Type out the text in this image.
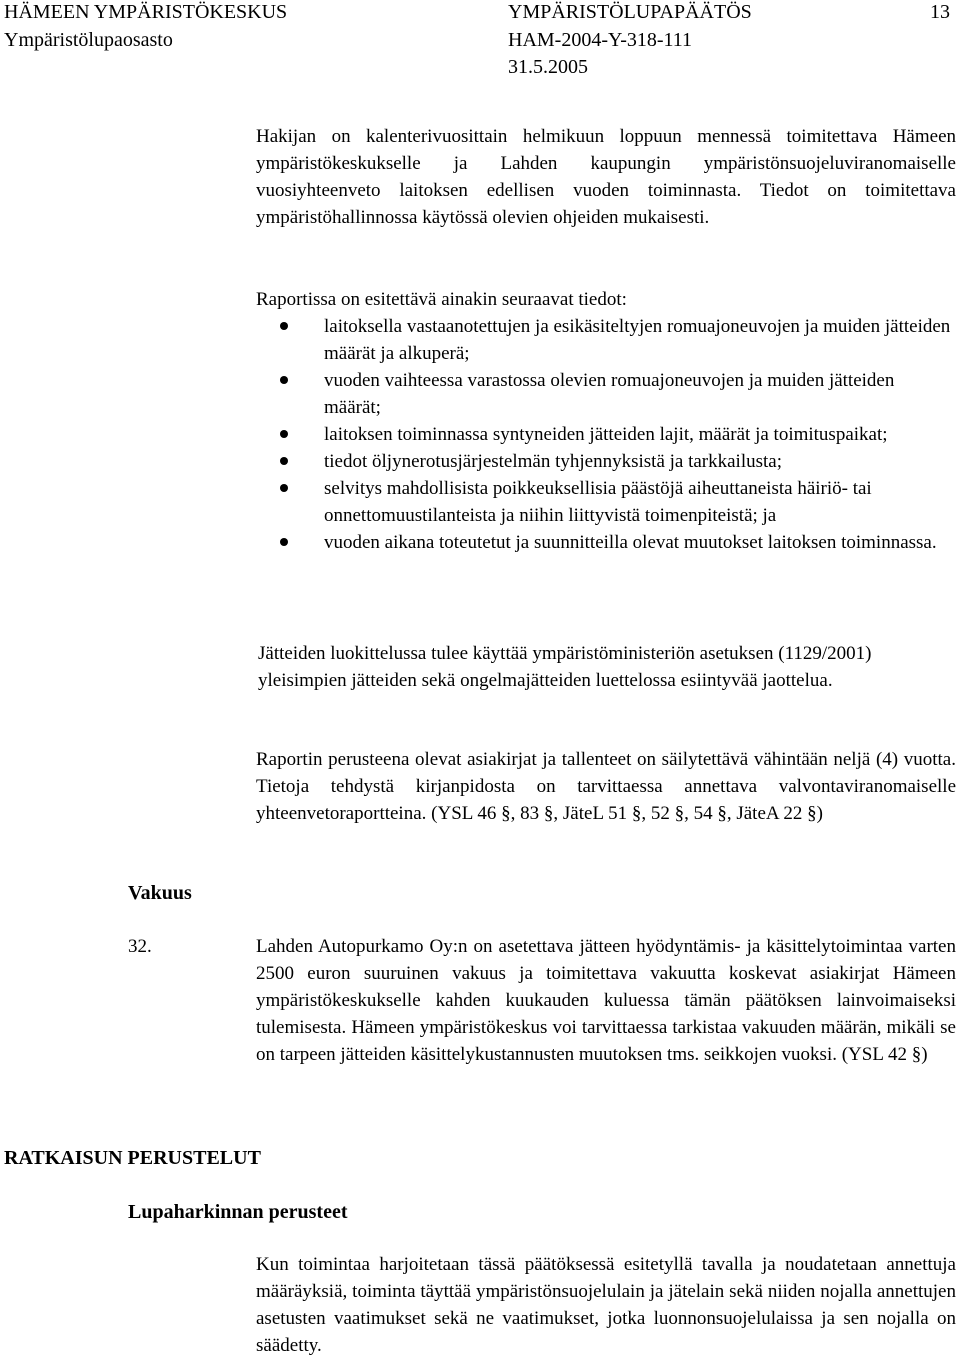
HÄMEEN YMPÄRISTÖKESKUS
Ympäristölupaosasto
YMPÄRISTÖLUPAPÄÄTÖS
HAM-2004-Y-318-111
31.5.2005
13

Hakijan on kalenterivuosittain helmikuun loppuun mennessä toimitettava Hämeen ympäristökeskukselle ja Lahden kaupungin ympäristönsuojeluviranomaiselle vuosiyhteenveto laitoksen edellisen vuoden toiminnasta. Tiedot on toimitettava ympäristöhallinnossa käytössä olevien ohjeiden mukaisesti.

Raportissa on esitettävä ainakin seuraavat tiedot:

laitoksella vastaanotettujen ja esikäsiteltyjen romuajoneuvojen ja muiden jätteiden määrät ja alkuperä;
vuoden vaihteessa varastossa olevien romuajoneuvojen ja muiden jätteiden määrät;
laitoksen toiminnassa syntyneiden jätteiden lajit, määrät ja toimituspaikat;
tiedot öljynerotusjärjestelmän tyhjennyksistä ja tarkkailusta;
selvitys mahdollisista poikkeuksellisia päästöjä aiheuttaneista häiriö- tai onnettomuustilanteista ja niihin liittyvistä toimenpiteistä; ja
vuoden aikana toteutetut ja suunnitteilla olevat muutokset laitoksen toiminnassa.

Jätteiden luokittelussa tulee käyttää ympäristöministeriön asetuksen (1129/2001) yleisimpien jätteiden sekä ongelmajätteiden luettelossa esiintyvää jaottelua.

Raportin perusteena olevat asiakirjat ja tallenteet on säilytettävä vähintään neljä (4) vuotta. Tietoja tehdystä kirjanpidosta on tarvittaessa annettava valvontaviranomaiselle yhteenvetoraportteina. (YSL 46 §, 83 §, JäteL 51 §, 52 §, 54 §, JäteA 22 §)

Vakuus
32.	Lahden Autopurkamo Oy:n on asetettava jätteen hyödyntämis- ja käsittelytoimintaa varten 2500 euron suuruinen vakuus ja toimitettava vakuutta koskevat asiakirjat Hämeen ympäristökeskukselle kahden kuukauden kuluessa tämän päätöksen lainvoimaiseksi tulemisesta. Hämeen ympäristökeskus voi tarvittaessa tarkistaa vakuuden määrän, mikäli se on tarpeen jätteiden käsittelykustannusten muutoksen tms. seikkojen vuoksi. (YSL 42 §)

RATKAISUN PERUSTELUT
Lupaharkinnan perusteet

Kun toimintaa harjoitetaan tässä päätöksessä esitetyllä tavalla ja noudatetaan annettuja määräyksiä, toiminta täyttää ympäristönsuojelulain ja jätelain sekä niiden nojalla annettujen asetusten vaatimukset sekä ne vaatimukset, jotka luonnonsuojelulaissa ja sen nojalla on säädetty.
